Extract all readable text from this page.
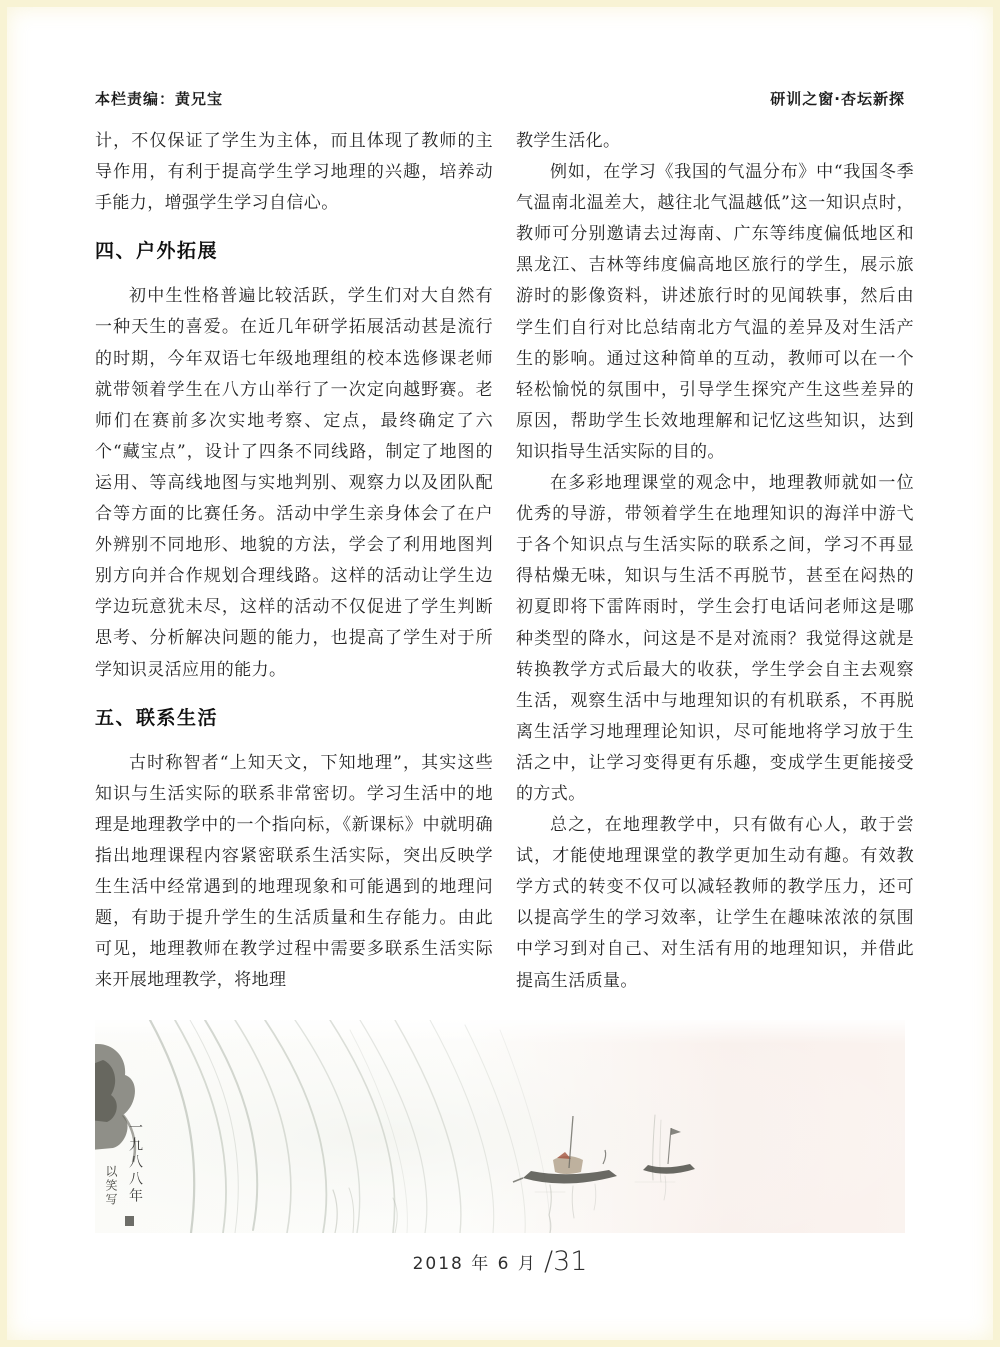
本栏责编：黄兄宝	研训之窗·杏坛新探

计，不仅保证了学生为主体，而且体现了教师的主导作用，有利于提高学生学习地理的兴趣，培养动手能力，增强学生学习自信心。

四、户外拓展

初中生性格普遍比较活跃，学生们对大自然有一种天生的喜爱。在近几年研学拓展活动甚是流行的时期，今年双语七年级地理组的校本选修课老师就带领着学生在八方山举行了一次定向越野赛。老师们在赛前多次实地考察、定点，最终确定了六个“藏宝点”，设计了四条不同线路，制定了地图的运用、等高线地图与实地判别、观察力以及团队配合等方面的比赛任务。活动中学生亲身体会了在户外辨别不同地形、地貌的方法，学会了利用地图判别方向并合作规划合理线路。这样的活动让学生边学边玩意犹未尽，这样的活动不仅促进了学生判断思考、分析解决问题的能力，也提高了学生对于所学知识灵活应用的能力。

五、联系生活

古时称智者“上知天文，下知地理”，其实这些知识与生活实际的联系非常密切。学习生活中的地理是地理教学中的一个指向标，《新课标》中就明确指出地理课程内容紧密联系生活实际，突出反映学生生活中经常遇到的地理现象和可能遇到的地理问题，有助于提升学生的生活质量和生存能力。由此可见，地理教师在教学过程中需要多联系生活实际来开展地理教学，将地理

教学生活化。

例如，在学习《我国的气温分布》中“我国冬季气温南北温差大，越往北气温越低”这一知识点时，教师可分别邀请去过海南、广东等纬度偏低地区和黑龙江、吉林等纬度偏高地区旅行的学生，展示旅游时的影像资料，讲述旅行时的见闻轶事，然后由学生们自行对比总结南北方气温的差异及对生活产生的影响。通过这种简单的互动，教师可以在一个轻松愉悦的氛围中，引导学生探究产生这些差异的原因，帮助学生长效地理解和记忆这些知识，达到知识指导生活实际的目的。

在多彩地理课堂的观念中，地理教师就如一位优秀的导游，带领着学生在地理知识的海洋中游弋于各个知识点与生活实际的联系之间，学习不再显得枯燥无味，知识与生活不再脱节，甚至在闷热的初夏即将下雷阵雨时，学生会打电话问老师这是哪种类型的降水，问这是不是对流雨？我觉得这就是转换教学方式后最大的收获，学生学会自主去观察生活，观察生活中与地理知识的有机联系，不再脱离生活学习地理理论知识，尽可能地将学习放于生活之中，让学习变得更有乐趣，变成学生更能接受的方式。

总之，在地理教学中，只有做有心人，敢于尝试，才能使地理课堂的教学更加生动有趣。有效教学方式的转变不仅可以减轻教师的教学压力，还可以提高学生的学习效率，让学生在趣味浓浓的氛围中学习到对自己、对生活有用的地理知识，并借此提高生活质量。

一九八八年
以笑写
2018 年 6 月 /31
